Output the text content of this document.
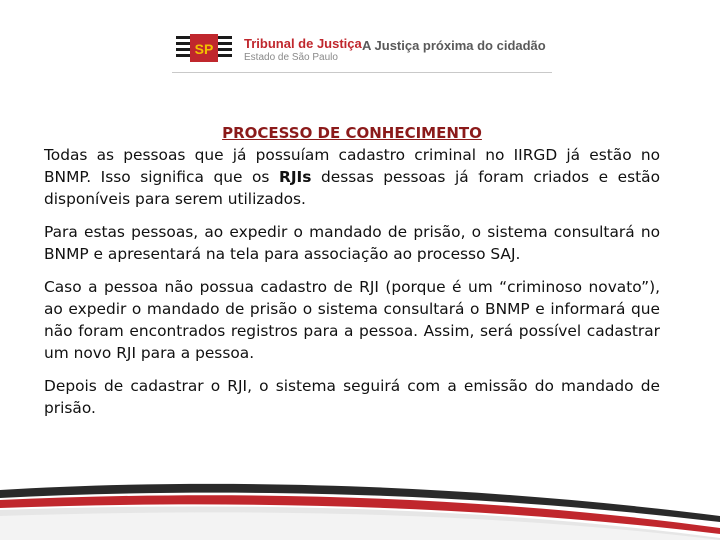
SP Tribunal de Justiça
Estado de São Paulo
A Justiça próxima do cidadão
PROCESSO DE CONHECIMENTO

Todas as pessoas que já possuíam cadastro criminal no IIRGD já estão no BNMP. Isso significa que os RJIs dessas pessoas já foram criados e estão disponíveis para serem utilizados.

Para estas pessoas, ao expedir o mandado de prisão, o sistema consultará no BNMP e apresentará na tela para associação ao processo SAJ.

Caso a pessoa não possua cadastro de RJI (porque é um “criminoso novato”), ao expedir o mandado de prisão o sistema consultará o BNMP e informará que não foram encontrados registros para a pessoa. Assim, será possível cadastrar um novo RJI para a pessoa.

Depois de cadastrar o RJI, o sistema seguirá com a emissão do mandado de prisão.
